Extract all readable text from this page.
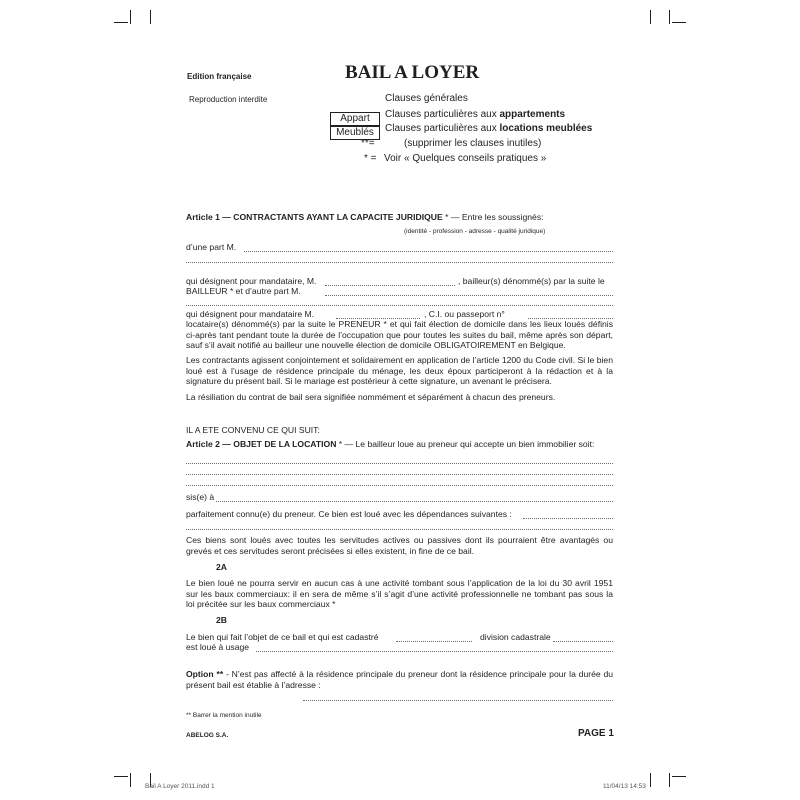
Edition française
Reproduction interdite
BAIL A LOYER
Clauses générales
Appart	Clauses particulières aux appartements
Meublés	Clauses particulières aux locations meublées
**=	(supprimer les clauses inutiles)
* = Voir « Quelques conseils pratiques »
Article 1 — CONTRACTANTS AYANT LA CAPACITE JURIDIQUE * — Entre les soussignés:
(identité - profession - adresse - qualité juridique)
d’une part M.
qui désignent pour mandataire, M.	, bailleur(s) dénommé(s) par la suite le
BAILLEUR * et d’autre part M.
qui désignent pour mandataire M.	, C.I. ou passeport n°
locataire(s) dénommé(s) par la suite le PRENEUR * et qui fait élection de domicile dans les lieux loués définis ci-après tant pendant toute la durée de l’occupation que pour toutes les suites du bail, même après son départ, sauf s’il avait notifié au bailleur une nouvelle élection de domicile OBLIGATOIREMENT en Belgique.
Les contractants agissent conjointement et solidairement en application de l’article 1200 du Code civil. Si le bien loué est à l’usage de résidence principale du ménage, les deux époux participeront à la rédaction et à la signature du présent bail. Si le mariage est postérieur à cette signature, un avenant le précisera.
La résiliation du contrat de bail sera signifiée nommément et séparément à chacun des preneurs.
IL A ETE CONVENU CE QUI SUIT:
Article 2 — OBJET DE LA LOCATION * — Le bailleur loue au preneur qui accepte un bien immobilier soit:
sis(e) à
parfaitement connu(e) du preneur. Ce bien est loué avec les dépendances suivantes :
Ces biens sont loués avec toutes les servitudes actives ou passives dont ils pourraient être avantagés ou grevés et ces servitudes seront précisées si elles existent, in fine de ce bail.
2A
Le bien loué ne pourra servir en aucun cas à une activité tombant sous l’application de la loi du 30 avril 1951 sur les baux commerciaux: il en sera de même s’il s’agit d’une activité professionnelle ne tombant pas sous la loi précitée sur les baux commerciaux *
2B
Le bien qui fait l’objet de ce bail et qui est cadastré	division cadastrale
est loué à usage
Option ** - N’est pas affecté à la résidence principale du preneur dont la résidence principale pour la durée du présent bail est établie à l’adresse :
** Barrer la mention inutile
ABELOG S.A.	PAGE 1
Bail A Loyer 2011.indd 1	11/04/13 14:53
